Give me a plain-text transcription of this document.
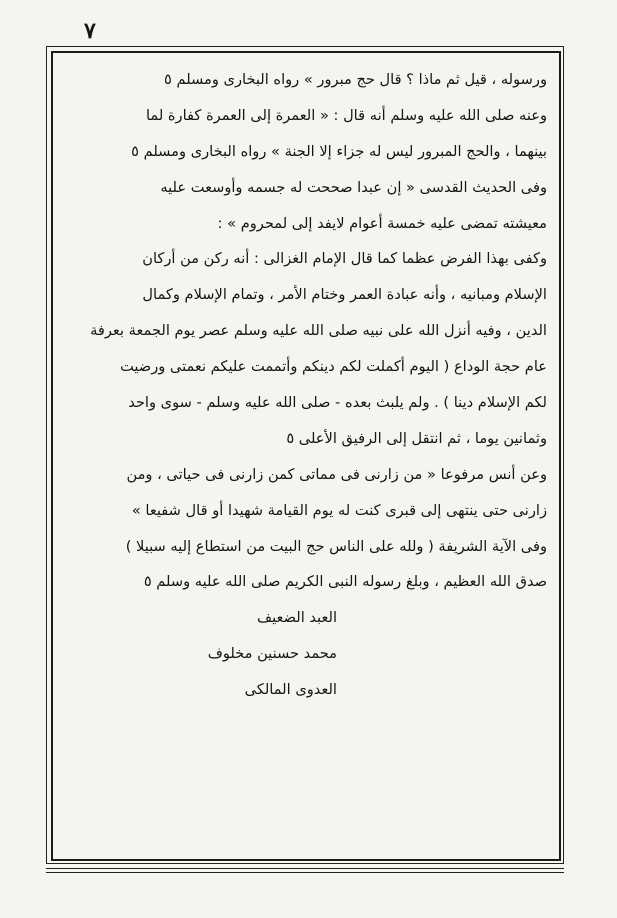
٧
ورسوله ، قيل ثم ماذا ؟ قال حج مبرور » رواه البخارى ومسلم ٥
وعنه صلى الله عليه وسلم أنه قال : « العمرة إلى العمرة كفارة لما
بينهما ، والحج المبرور ليس له جزاء إلا الجنة » رواه البخارى ومسلم ٥
وفى الحديث القدسى « إن عبدا صححت له جسمه وأوسعت عليه
معيشته تمضى عليه خمسة أعوام لايفد إلى لمحروم » :
وكفى بهذا الفرض عظما كما قال الإمام الغزالى : أنه ركن من أركان
الإسلام ومبانيه ، وأنه عبادة العمر وختام الأمر ، وتمام الإسلام وكمال
الدين ، وفيه أنزل الله على نبيه صلى الله عليه وسلم عصر يوم الجمعة بعرفة
عام حجة الوداع ( اليوم أكملت لكم دينكم وأتممت عليكم نعمتى ورضيت
لكم الإسلام دينا ) . ولم يلبث بعده - صلى الله عليه وسلم - سوى واحد
وثمانين يوما ، ثم انتقل إلى الرفيق الأعلى ٥
وعن أنس مرفوعا « من زارنى فى مماتى كمن زارنى فى حياتى ، ومن
زارنى حتى ينتهى إلى قبرى كنت له يوم القيامة شهيدا أو قال شفيعا »
وفى الآية الشريفة ( ولله على الناس حج البيت من استطاع إليه سبيلا )
صدق الله العظيم ، وبلغ رسوله النبى الكريم صلى الله عليه وسلم ٥
العبد الضعيف
محمد حسنين مخلوف
العدوى المالكى
